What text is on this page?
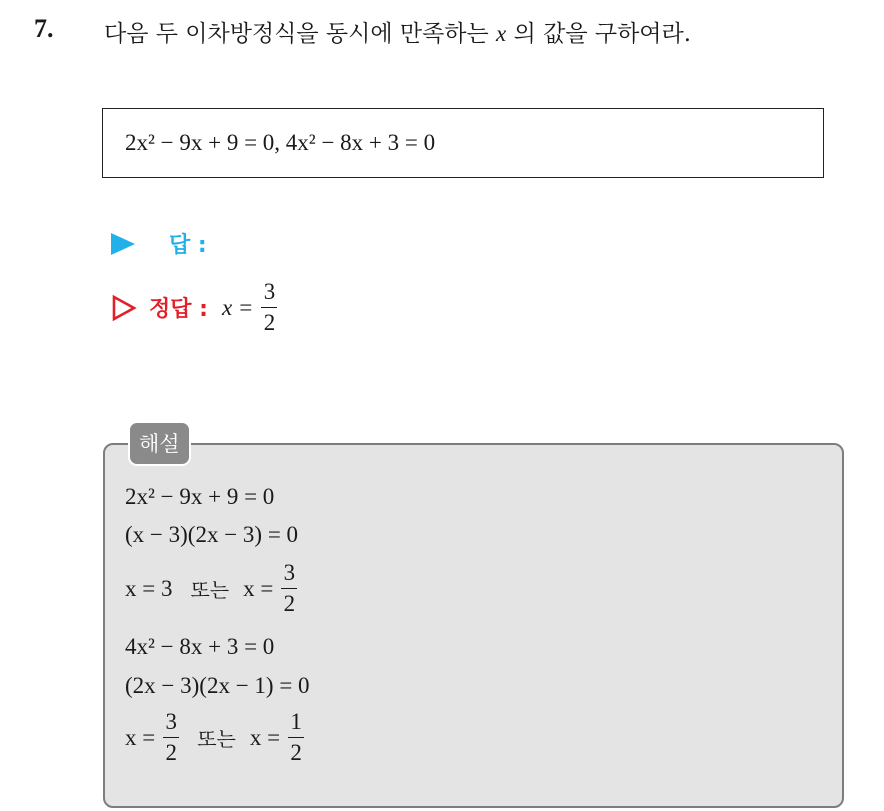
7. 다음 두 이차방정식을 동시에 만족하는 x 의 값을 구하여라.
2x² − 9x + 9 = 0, 4x² − 8x + 3 = 0
답 :
정답 : $x = \frac{3}{2}$
해설
2x² − 9x + 9 = 0
(x − 3)(2x − 3) = 0
x = 3 또는 $x = \frac{3}{2}$
4x² − 8x + 3 = 0
(2x − 3)(2x − 1) = 0
$x = \frac{3}{2}$ 또는 $x = \frac{1}{2}$
